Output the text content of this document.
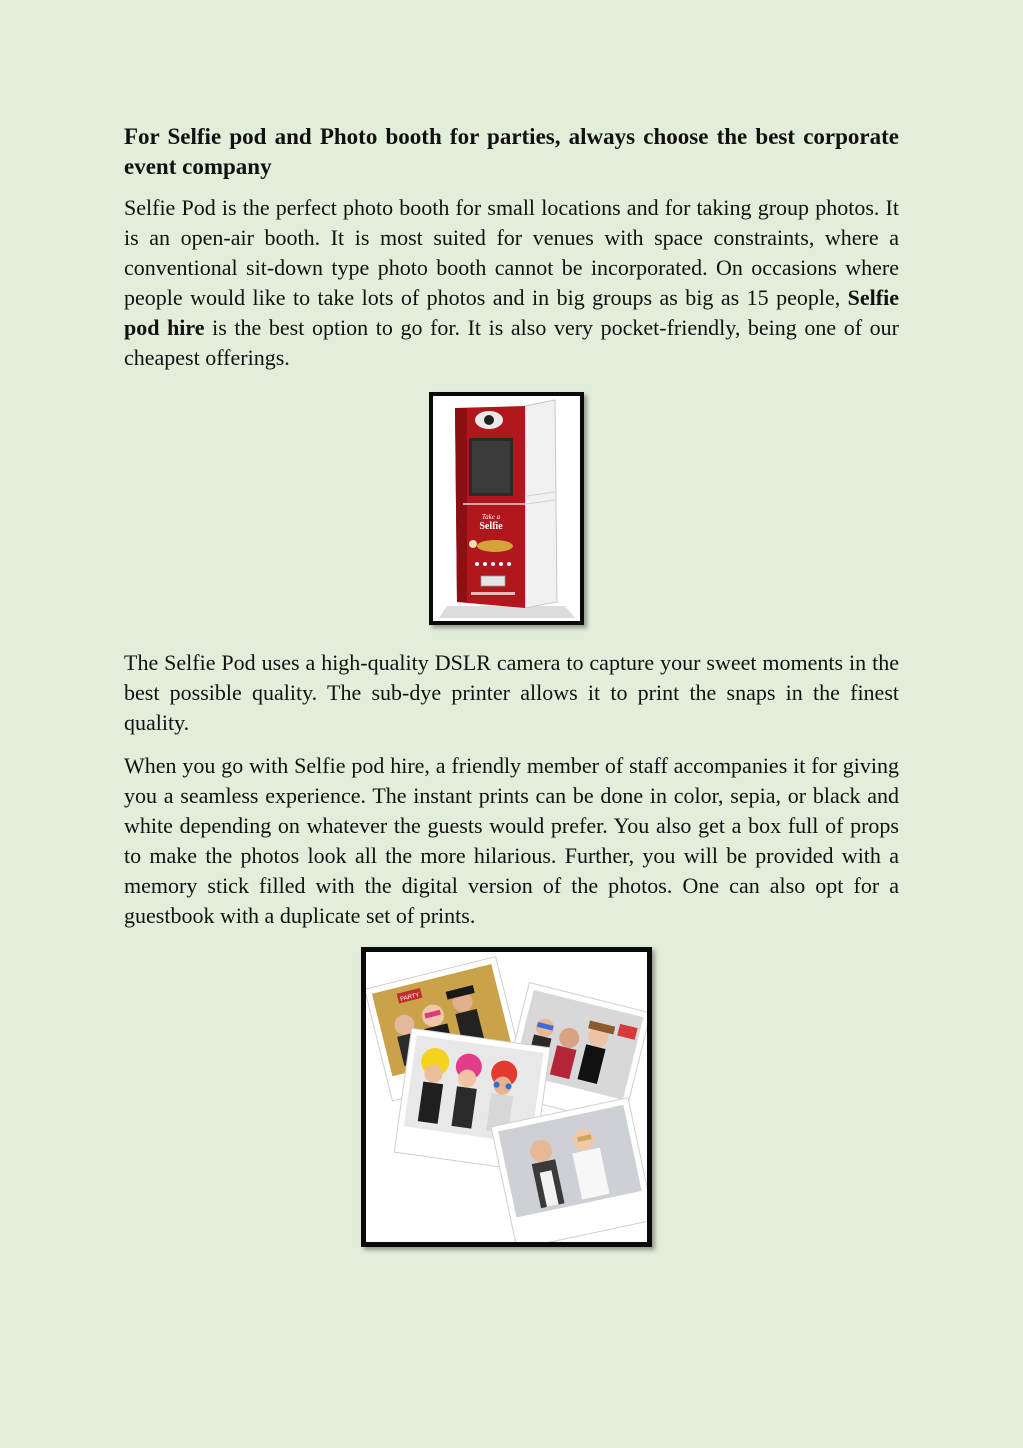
For Selfie pod and Photo booth for parties, always choose the best corporate event company

Selfie Pod is the perfect photo booth for small locations and for taking group photos. It is an open-air booth. It is most suited for venues with space constraints, where a conventional sit-down type photo booth cannot be incorporated. On occasions where people would like to take lots of photos and in big groups as big as 15 people, Selfie pod hire is the best option to go for. It is also very pocket-friendly, being one of our cheapest offerings.

Take a
Selfie

The Selfie Pod uses a high-quality DSLR camera to capture your sweet moments in the best possible quality. The sub-dye printer allows it to print the snaps in the finest quality.

When you go with Selfie pod hire, a friendly member of staff accompanies it for giving you a seamless experience. The instant prints can be done in color, sepia, or black and white depending on whatever the guests would prefer. You also get a box full of props to make the photos look all the more hilarious. Further, you will be provided with a memory stick filled with the digital version of the photos. One can also opt for a guestbook with a duplicate set of prints.

PARTY
